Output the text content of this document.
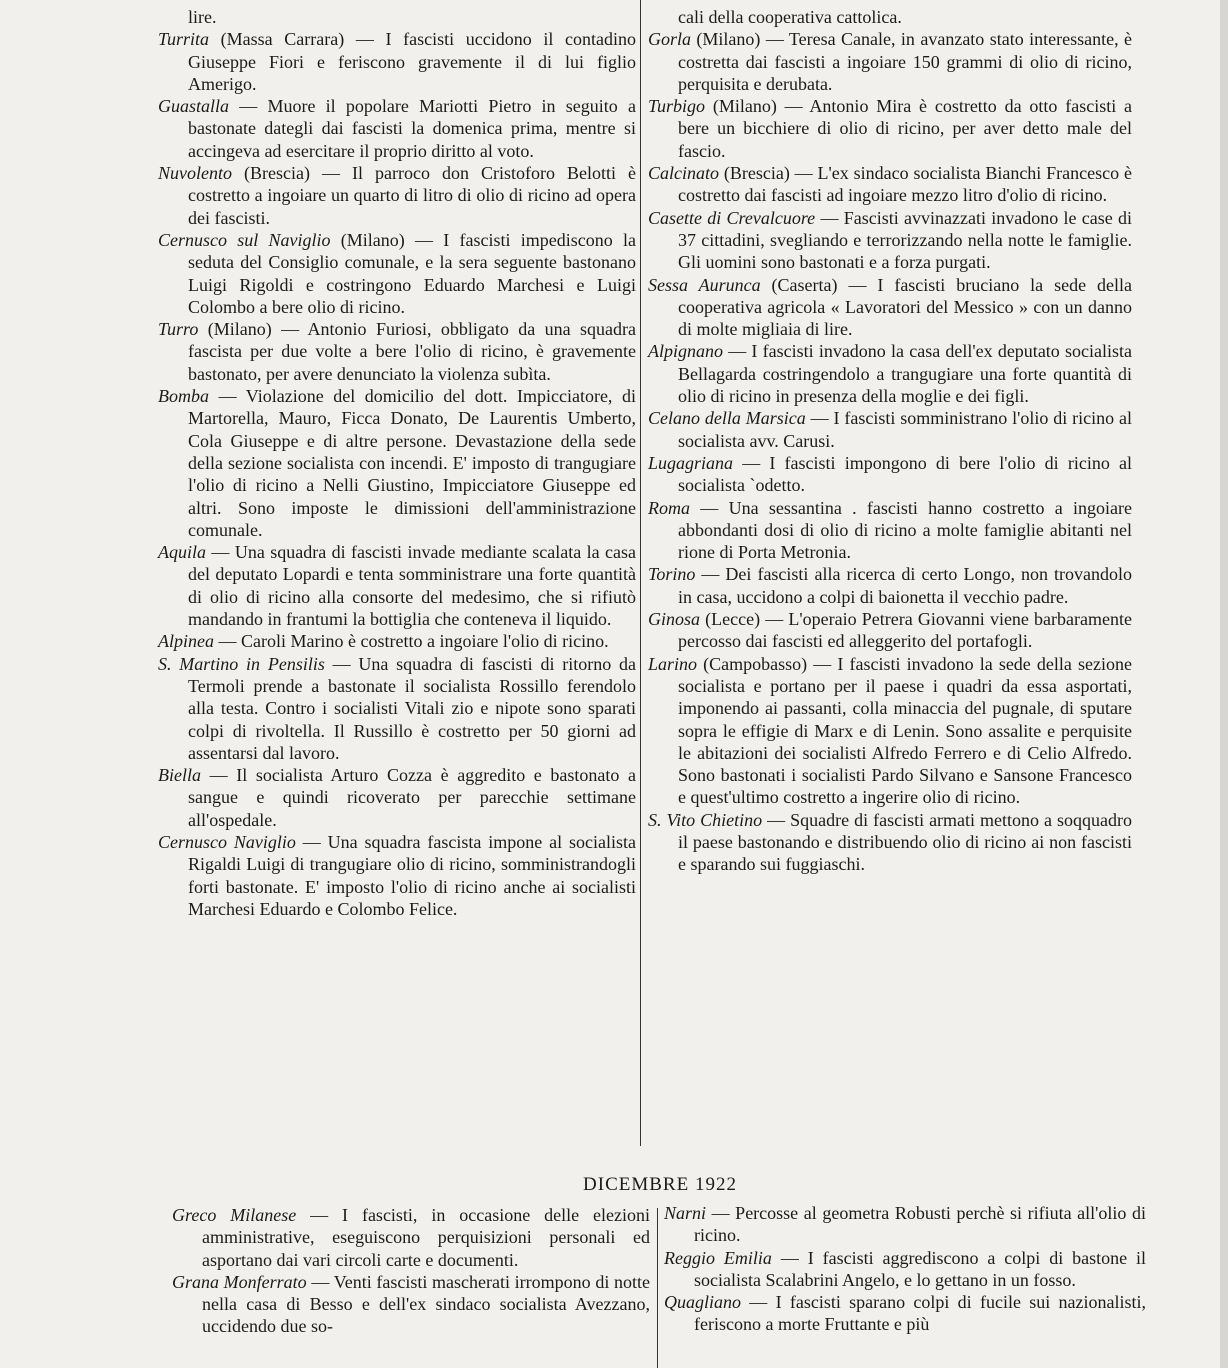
lire.

Turrita (Massa Carrara) — I fascisti uccidono il contadino Giuseppe Fiori e feriscono gravemente il di lui figlio Amerigo.

Guastalla — Muore il popolare Mariotti Pietro in seguito a bastonate dategli dai fascisti la domenica prima, mentre si accingeva ad esercitare il proprio diritto al voto.

Nuvolento (Brescia) — Il parroco don Cristoforo Belotti è costretto a ingoiare un quarto di litro di olio di ricino ad opera dei fascisti.

Cernusco sul Naviglio (Milano) — I fascisti impediscono la seduta del Consiglio comunale, e la sera seguente bastonano Luigi Rigoldi e costringono Eduardo Marchesi e Luigi Colombo a bere olio di ricino.

Turro (Milano) — Antonio Furiosi, obbligato da una squadra fascista per due volte a bere l'olio di ricino, è gravemente bastonato, per avere denunciato la violenza subìta.

Bomba — Violazione del domicilio del dott. Impicciatore, di Martorella, Mauro, Ficca Donato, De Laurentis Umberto, Cola Giuseppe e di altre persone. Devastazione della sede della sezione socialista con incendi. E' imposto di trangugiare l'olio di ricino a Nelli Giustino, Impicciatore Giuseppe ed altri. Sono imposte le dimissioni dell'amministrazione comunale.

Aquila — Una squadra di fascisti invade mediante scalata la casa del deputato Lopardi e tenta somministrare una forte quantità di olio di ricino alla consorte del medesimo, che si rifiutò mandando in frantumi la bottiglia che conteneva il liquido.

Alpinea — Caroli Marino è costretto a ingoiare l'olio di ricino.

S. Martino in Pensilis — Una squadra di fascisti di ritorno da Termoli prende a bastonate il socialista Rossillo ferendolo alla testa. Contro i socialisti Vitali zio e nipote sono sparati colpi di rivoltella. Il Russillo è costretto per 50 giorni ad assentarsi dal lavoro.

Biella — Il socialista Arturo Cozza è aggredito e bastonato a sangue e quindi ricoverato per parecchie settimane all'ospedale.

Cernusco Naviglio — Una squadra fascista impone al socialista Rigaldi Luigi di trangugiare olio di ricino, somministrandogli forti bastonate. E' imposto l'olio di ricino anche ai socialisti Marchesi Eduardo e Colombo Felice.

cali della cooperativa cattolica.

Gorla (Milano) — Teresa Canale, in avanzato stato interessante, è costretta dai fascisti a ingoiare 150 grammi di olio di ricino, perquisita e derubata.

Turbigo (Milano) — Antonio Mira è costretto da otto fascisti a bere un bicchiere di olio di ricino, per aver detto male del fascio.

Calcinato (Brescia) — L'ex sindaco socialista Bianchi Francesco è costretto dai fascisti ad ingoiare mezzo litro d'olio di ricino.

Casette di Crevalcuore — Fascisti avvinazzati invadono le case di 37 cittadini, svegliando e terrorizzando nella notte le famiglie. Gli uomini sono bastonati e a forza purgati.

Sessa Aurunca (Caserta) — I fascisti bruciano la sede della cooperativa agricola « Lavoratori del Messico » con un danno di molte migliaia di lire.

Alpignano — I fascisti invadono la casa dell'ex deputato socialista Bellagarda costringendolo a trangugiare una forte quantità di olio di ricino in presenza della moglie e dei figli.

Celano della Marsica — I fascisti somministrano l'olio di ricino al socialista avv. Carusi.

Lugagriana — I fascisti impongono di bere l'olio di ricino al socialista `odetto.

Roma — Una sessantina . fascisti hanno costretto a ingoiare abbondanti dosi di olio di ricino a molte famiglie abitanti nel rione di Porta Metronia.

Torino — Dei fascisti alla ricerca di certo Longo, non trovandolo in casa, uccidono a colpi di baionetta il vecchio padre.

Ginosa (Lecce) — L'operaio Petrera Giovanni viene barbaramente percosso dai fascisti ed alleggerito del portafogli.

Larino (Campobasso) — I fascisti invadono la sede della sezione socialista e portano per il paese i quadri da essa asportati, imponendo ai passanti, colla minaccia del pugnale, di sputare sopra le effigie di Marx e di Lenin. Sono assalite e perquisite le abitazioni dei socialisti Alfredo Ferrero e di Celio Alfredo. Sono bastonati i socialisti Pardo Silvano e Sansone Francesco e quest'ultimo costretto a ingerire olio di ricino.

S. Vito Chietino — Squadre di fascisti armati mettono a soqquadro il paese bastonando e distribuendo olio di ricino ai non fascisti e sparando sui fuggiaschi.

DICEMBRE 1922

Greco Milanese — I fascisti, in occasione delle elezioni amministrative, eseguiscono perquisizioni personali ed asportano dai vari circoli carte e documenti.

Grana Monferrato — Venti fascisti mascherati irrompono di notte nella casa di Besso e dell'ex sindaco socialista Avezzano, uccidendo due so-

Narni — Percosse al geometra Robusti perchè si rifiuta all'olio di ricino.

Reggio Emilia — I fascisti aggrediscono a colpi di bastone il socialista Scalabrini Angelo, e lo gettano in un fosso.

Quagliano — I fascisti sparano colpi di fucile sui nazionalisti, feriscono a morte Fruttante e più
